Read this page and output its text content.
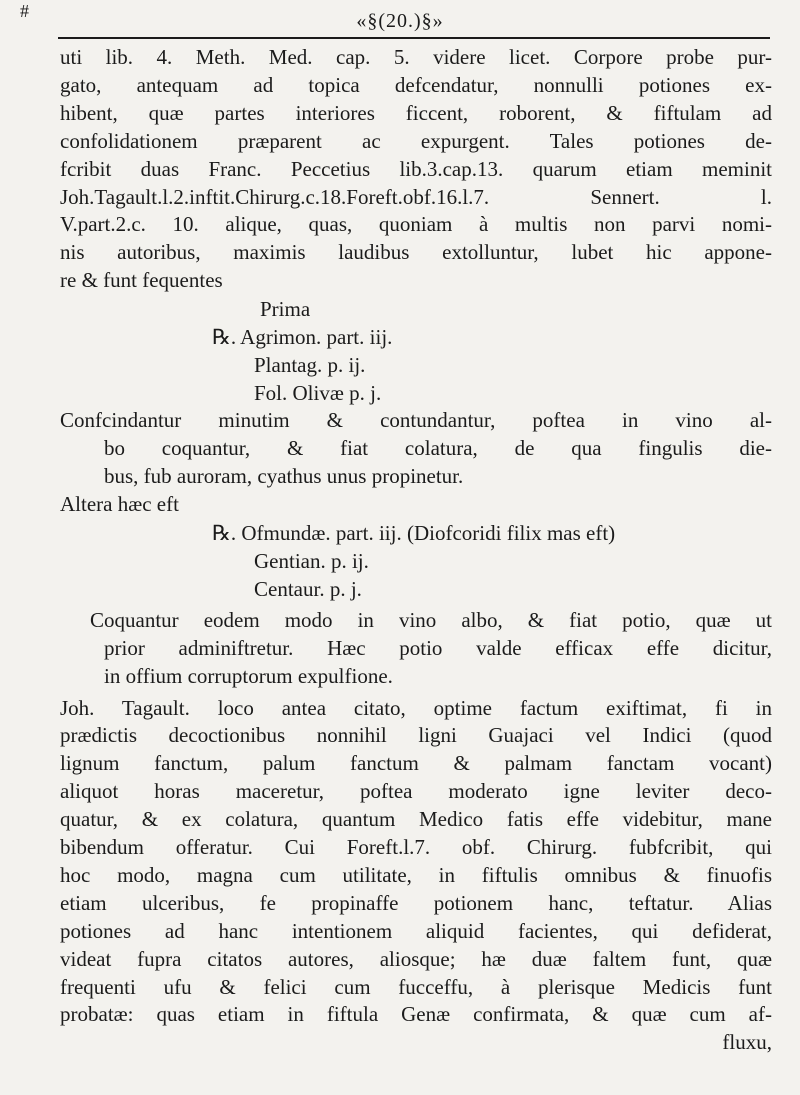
#	«§(20.)§»
uti lib. 4. Meth. Med. cap. 5. videre licet. Corpore probe pur-
gato, antequam ad topica defcendatur, nonnulli potiones ex-
hibent, quæ partes interiores ficcent, roborent, & fiftulam ad
confolidationem præparent ac expurgent. Tales potiones de-
fcribit duas Franc. Peccetius lib.3.cap.13. quarum etiam meminit
Joh.Tagault.l.2.inftit.Chirurg.c.18.Foreft.obf.16.l.7. Sennert. l.
V.part.2.c. 10. alique, quas, quoniam à multis non parvi nomi-
nis autoribus, maximis laudibus extolluntur, lubet hic appone-
re & funt fequentes
Prima
℞. Agrimon. part. iij.
Plantag. p. ij.
Fol. Olivæ p. j.
Confcindantur minutim & contundantur, poftea in vino al-
bo coquantur, & fiat colatura, de qua fingulis die-
bus, fub auroram, cyathus unus propinetur.
Altera hæc eft
℞. Ofmundæ. part. iij. (Diofcoridi filix mas eft)
Gentian. p. ij.
Centaur. p. j.
Coquantur eodem modo in vino albo, & fiat potio, quæ ut
prior adminiftretur. Hæc potio valde efficax effe dicitur,
in offium corruptorum expulfione.
Joh. Tagault. loco antea citato, optime factum exiftimat, fi in
prædictis decoctionibus nonnihil ligni Guajaci vel Indici (quod
lignum fanctum, palum fanctum & palmam fanctam vocant)
aliquot horas maceretur, poftea moderato igne leviter deco-
quatur, & ex colatura, quantum Medico fatis effe videbitur, mane
bibendum offeratur. Cui Foreft.l.7. obf. Chirurg. fubfcribit, qui
hoc modo, magna cum utilitate, in fiftulis omnibus & finuofis
etiam ulceribus, fe propinaffe potionem hanc, teftatur. Alias
potiones ad hanc intentionem aliquid facientes, qui defiderat,
videat fupra citatos autores, aliosque; hæ duæ faltem funt, quæ
frequenti ufu & felici cum fucceffu, à plerisque Medicis funt
probatæ: quas etiam in fiftula Genæ confirmata, & quæ cum af-
fluxu,
